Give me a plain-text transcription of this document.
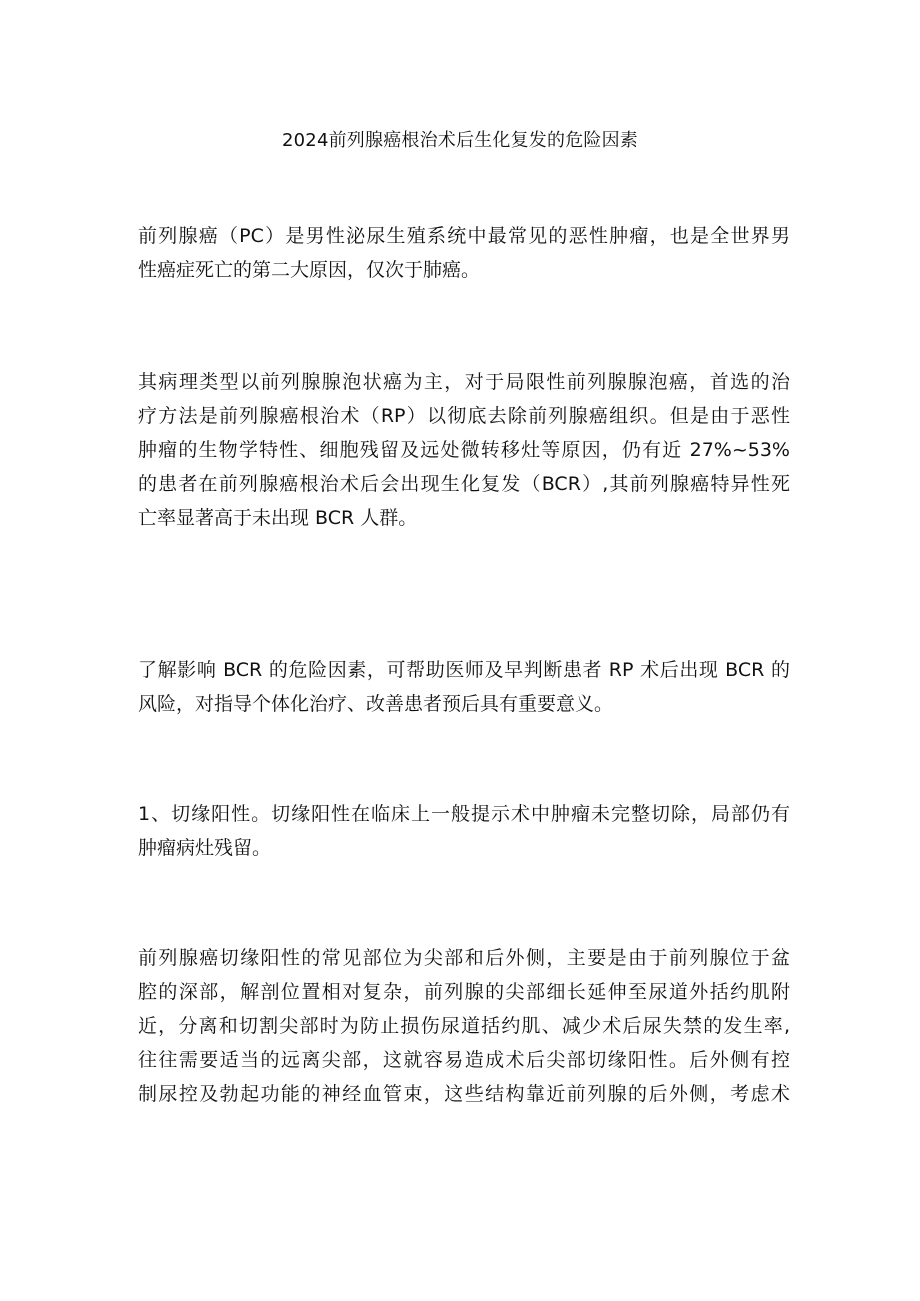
2024前列腺癌根治术后生化复发的危险因素
前列腺癌（PC）是男性泌尿生殖系统中最常见的恶性肿瘤，也是全世界男
性癌症死亡的第二大原因，仅次于肺癌。
其病理类型以前列腺腺泡状癌为主，对于局限性前列腺腺泡癌，首选的治
疗方法是前列腺癌根治术（RP）以彻底去除前列腺癌组织。但是由于恶性
肿瘤的生物学特性、细胞残留及远处微转移灶等原因，仍有近 27%~53%
的患者在前列腺癌根治术后会出现生化复发（BCR）,其前列腺癌特异性死
亡率显著高于未出现 BCR 人群。
了解影响 BCR 的危险因素，可帮助医师及早判断患者 RP 术后出现 BCR 的
风险，对指导个体化治疗、改善患者预后具有重要意义。
1、切缘阳性。切缘阳性在临床上一般提示术中肿瘤未完整切除，局部仍有
肿瘤病灶残留。
前列腺癌切缘阳性的常见部位为尖部和后外侧，主要是由于前列腺位于盆
腔的深部，解剖位置相对复杂，前列腺的尖部细长延伸至尿道外括约肌附
近，分离和切割尖部时为防止损伤尿道括约肌、减少术后尿失禁的发生率,
往往需要适当的远离尖部，这就容易造成术后尖部切缘阳性。后外侧有控
制尿控及勃起功能的神经血管束，这些结构靠近前列腺的后外侧，考虑术
